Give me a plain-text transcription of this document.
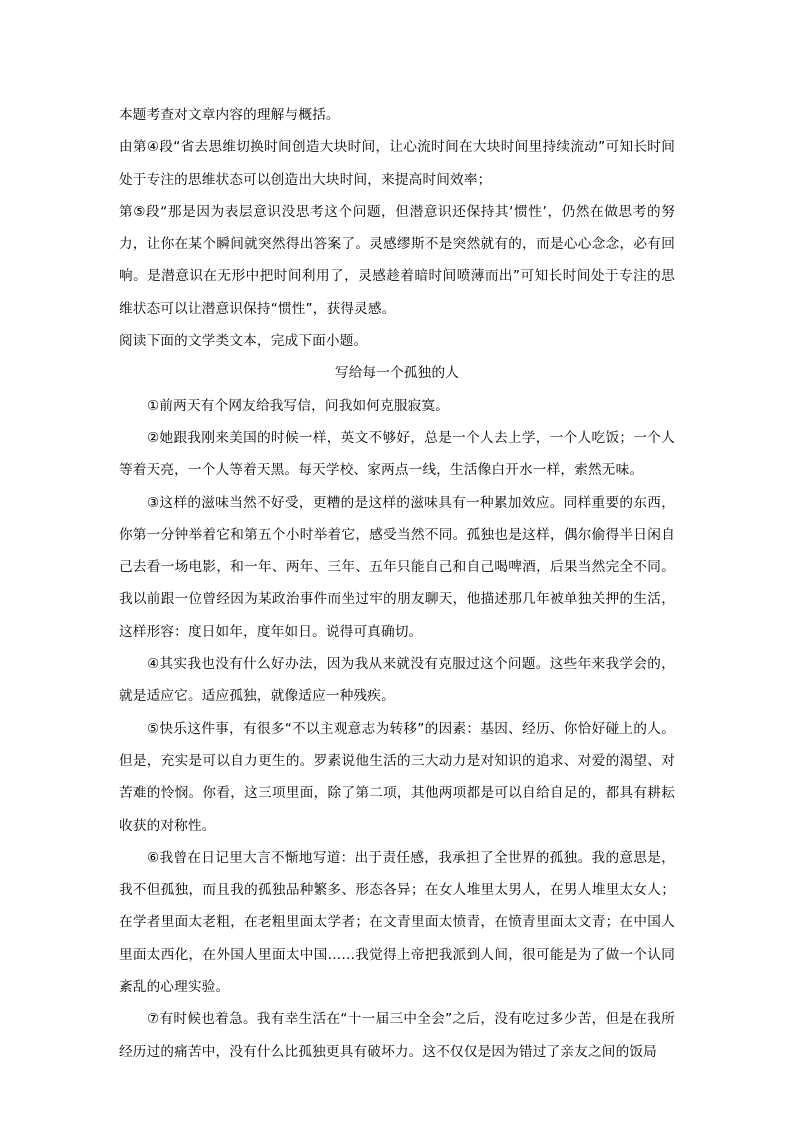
本题考查对文章内容的理解与概括。

由第④段“省去思维切换时间创造大块时间，让心流时间在大块时间里持续流动”可知长时间处于专注的思维状态可以创造出大块时间，来提高时间效率；

第⑤段“那是因为表层意识没思考这个问题，但潜意识还保持其‘惯性’，仍然在做思考的努力，让你在某个瞬间就突然得出答案了。灵感缪斯不是突然就有的，而是心心念念，必有回响。是潜意识在无形中把时间利用了，灵感趁着暗时间喷薄而出”可知长时间处于专注的思维状态可以让潜意识保持“惯性”，获得灵感。

阅读下面的文学类文本，完成下面小题。

写给每一个孤独的人

①前两天有个网友给我写信，问我如何克服寂寞。

②她跟我刚来美国的时候一样，英文不够好，总是一个人去上学，一个人吃饭；一个人等着天亮，一个人等着天黑。每天学校、家两点一线，生活像白开水一样，索然无味。

③这样的滋味当然不好受，更糟的是这样的滋味具有一种累加效应。同样重要的东西，你第一分钟举着它和第五个小时举着它，感受当然不同。孤独也是这样，偶尔偷得半日闲自己去看一场电影，和一年、两年、三年、五年只能自己和自己喝啤酒，后果当然完全不同。我以前跟一位曾经因为某政治事件而坐过牢的朋友聊天，他描述那几年被单独关押的生活，这样形容：度日如年，度年如日。说得可真确切。

④其实我也没有什么好办法，因为我从来就没有克服过这个问题。这些年来我学会的，就是适应它。适应孤独，就像适应一种残疾。

⑤快乐这件事，有很多“不以主观意志为转移”的因素：基因、经历、你恰好碰上的人。但是，充实是可以自力更生的。罗素说他生活的三大动力是对知识的追求、对爱的渴望、对苦难的怜悯。你看，这三项里面，除了第二项，其他两项都是可以自给自足的，都具有耕耘收获的对称性。

⑥我曾在日记里大言不惭地写道：出于责任感，我承担了全世界的孤独。我的意思是，我不但孤独，而且我的孤独品种繁多、形态各异；在女人堆里太男人，在男人堆里太女人；在学者里面太老粗，在老粗里面太学者；在文青里面太愤青，在愤青里面太文青；在中国人里面太西化，在外国人里面太中国……我觉得上帝把我派到人间，很可能是为了做一个认同紊乱的心理实验。

⑦有时候也着急。我有幸生活在“十一届三中全会”之后，没有吃过多少苦，但是在我所经历过的痛苦中，没有什么比孤独更具有破坏力。这不仅仅是因为错过了亲友之间的饭局
